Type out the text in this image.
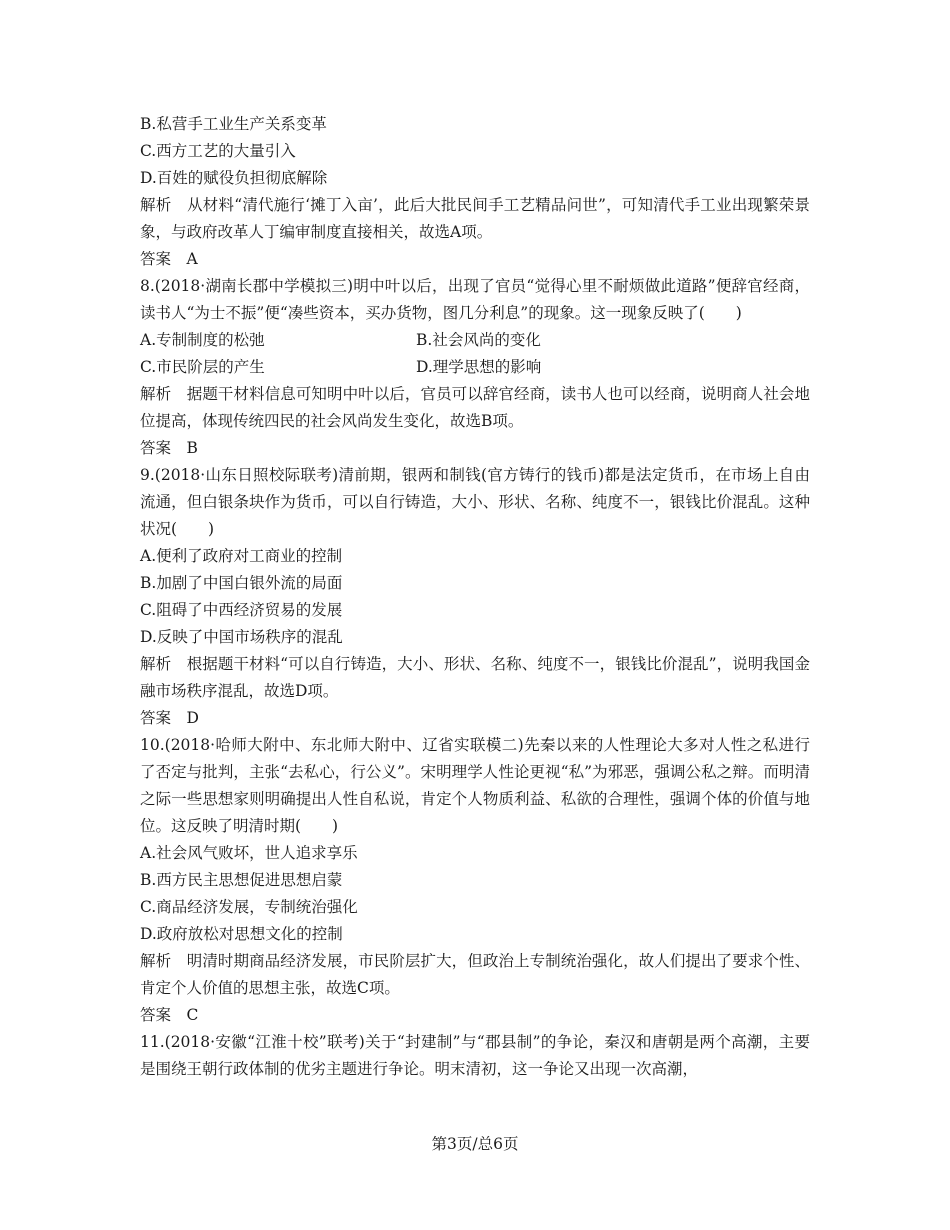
B.私营手工业生产关系变革
C.西方工艺的大量引入
D.百姓的赋役负担彻底解除
解析　从材料“清代施行‘摊丁入亩’，此后大批民间手工艺精品问世”，可知清代手工业出现繁荣景象，与政府改革人丁编审制度直接相关，故选A项。
答案　A
8.(2018·湖南长郡中学模拟三)明中叶以后，出现了官员“觉得心里不耐烦做此道路”便辞官经商，读书人“为士不振”便“凑些资本，买办货物，图几分利息”的现象。这一现象反映了(　　)
A.专制制度的松弛	B.社会风尚的变化
C.市民阶层的产生	D.理学思想的影响
解析　据题干材料信息可知明中叶以后，官员可以辞官经商，读书人也可以经商，说明商人社会地位提高，体现传统四民的社会风尚发生变化，故选B项。
答案　B
9.(2018·山东日照校际联考)清前期，银两和制钱(官方铸行的钱币)都是法定货币，在市场上自由流通，但白银条块作为货币，可以自行铸造，大小、形状、名称、纯度不一，银钱比价混乱。这种状况(　　)
A.便利了政府对工商业的控制
B.加剧了中国白银外流的局面
C.阻碍了中西经济贸易的发展
D.反映了中国市场秩序的混乱
解析　根据题干材料“可以自行铸造，大小、形状、名称、纯度不一，银钱比价混乱”，说明我国金融市场秩序混乱，故选D项。
答案　D
10.(2018·哈师大附中、东北师大附中、辽省实联模二)先秦以来的人性理论大多对人性之私进行了否定与批判，主张“去私心，行公义”。宋明理学人性论更视“私”为邪恶，强调公私之辩。而明清之际一些思想家则明确提出人性自私说，肯定个人物质利益、私欲的合理性，强调个体的价值与地位。这反映了明清时期(　　)
A.社会风气败坏，世人追求享乐
B.西方民主思想促进思想启蒙
C.商品经济发展，专制统治强化
D.政府放松对思想文化的控制
解析　明清时期商品经济发展，市民阶层扩大，但政治上专制统治强化，故人们提出了要求个性、肯定个人价值的思想主张，故选C项。
答案　C
11.(2018·安徽“江淮十校”联考)关于“封建制”与“郡县制”的争论，秦汉和唐朝是两个高潮，主要是围绕王朝行政体制的优劣主题进行争论。明末清初，这一争论又出现一次高潮，
第3页/总6页
